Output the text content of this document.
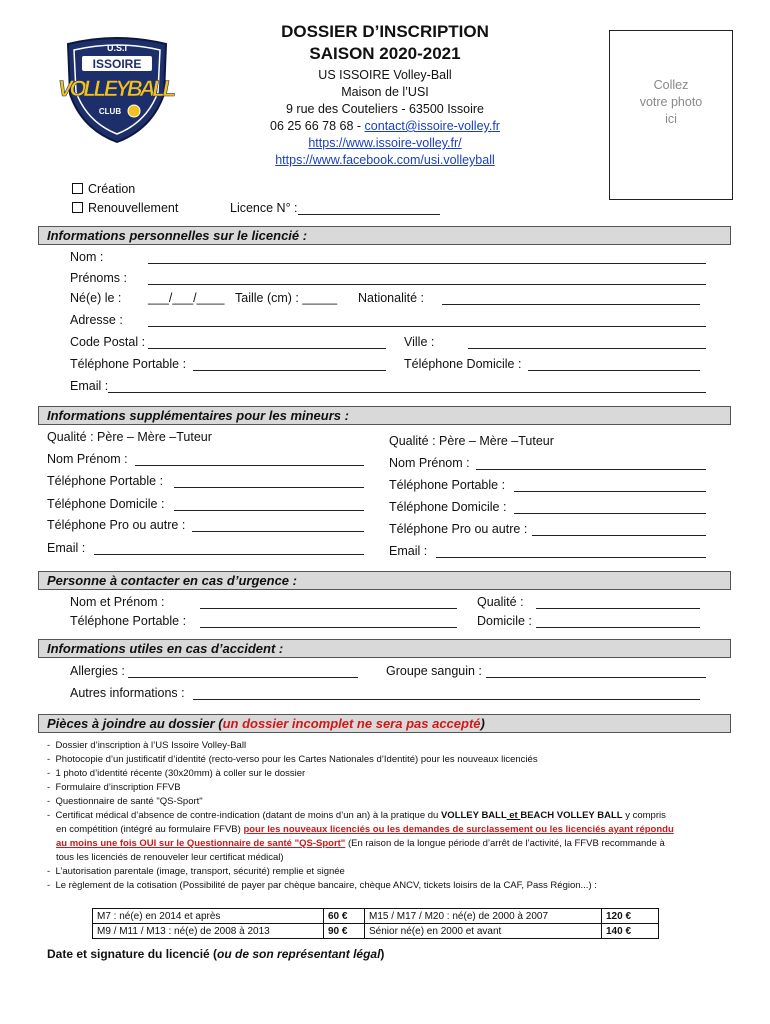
U.S.I
ISSOIRE
VOLLEYBALL
CLUB
DOSSIER D’INSCRIPTION
SAISON 2020-2021
US ISSOIRE Volley-Ball
Maison de l’USI
9 rue des Couteliers - 63500 Issoire
06 25 66 78 68 - contact@issoire-volley.fr
https://www.issoire-volley.fr/
https://www.facebook.com/usi.volleyball
Collez
votre photo
ici
Création
Renouvellement	Licence N° :
Informations personnelles sur le licencié :
Nom :
Prénoms :
Né(e) le : ___/___/____ Taille (cm) : _____ Nationalité :
Adresse :
Code Postal :	Ville :
Téléphone Portable :	Téléphone Domicile :
Email :
Informations supplémentaires pour les mineurs :
Qualité : Père – Mère –Tuteur
Nom Prénom :
Téléphone Portable :
Téléphone Domicile :
Téléphone Pro ou autre :
Email :
Qualité : Père – Mère –Tuteur
Nom Prénom :
Téléphone Portable :
Téléphone Domicile :
Téléphone Pro ou autre :
Email :
Personne à contacter en cas d’urgence :
Nom et Prénom :	Qualité :
Téléphone Portable :	Domicile :
Informations utiles en cas d’accident :
Allergies :	Groupe sanguin :
Autres informations :
Pièces à joindre au dossier (un dossier incomplet ne sera pas accepté)
-  Dossier d’inscription à l’US Issoire Volley-Ball
-  Photocopie d’un justificatif d’identité (recto-verso pour les Cartes Nationales d’Identité) pour les nouveaux licenciés
-  1 photo d’identité récente (30x20mm) à coller sur le dossier
-  Formulaire d’inscription FFVB
-  Questionnaire de santé "QS-Sport"
-  Certificat médical d’absence de contre-indication (datant de moins d’un an) à la pratique du VOLLEY BALL et BEACH VOLLEY BALL y compris
en compétition (intégré au formulaire FFVB) pour les nouveaux licenciés ou les demandes de surclassement ou les licenciés ayant répondu
au moins une fois OUI sur le Questionnaire de santé "QS-Sport" (En raison de la longue période d’arrêt de l’activité, la FFVB recommande à
tous les licenciés de renouveler leur certificat médical)
-  L’autorisation parentale (image, transport, sécurité) remplie et signée
-  Le règlement de la cotisation (Possibilité de payer par chèque bancaire, chèque ANCV, tickets loisirs de la CAF, Pass Région...) :
M7 : né(e) en 2014 et après	60 €	M15 / M17 / M20 : né(e) de 2000 à 2007	120 €
M9 / M11 / M13 : né(e) de 2008 à 2013	90 €	Sénior né(e) en 2000 et avant	140 €
Date et signature du licencié (ou de son représentant légal)
